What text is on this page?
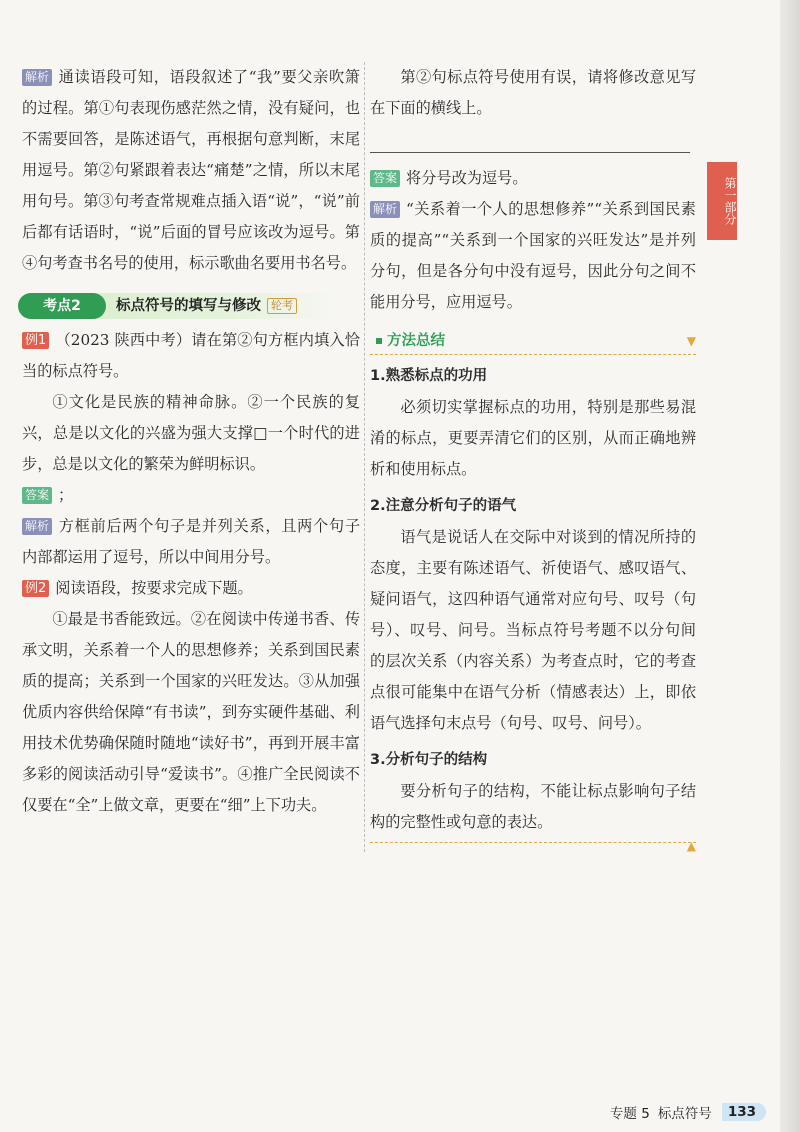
解析 通读语段可知，语段叙述了“我”要父亲吹箫的过程。第①句表现伤感茫然之情，没有疑问，也不需要回答，是陈述语气，再根据句意判断，末尾用逗号。第②句紧跟着表达“痛楚”之情，所以末尾用句号。第③句考查常规难点插入语“说”，“说”前后都有话语时，“说”后面的冒号应该改为逗号。第④句考查书名号的使用，标示歌曲名要用书名号。

考点2	标点符号的填写与修改 轮考

例1 （2023 陕西中考）请在第②句方框内填入恰当的标点符号。

①文化是民族的精神命脉。②一个民族的复兴，总是以文化的兴盛为强大支撑□一个时代的进步，总是以文化的繁荣为鲜明标识。

答案 ；

解析 方框前后两个句子是并列关系，且两个句子内部都运用了逗号，所以中间用分号。

例2 阅读语段，按要求完成下题。

①最是书香能致远。②在阅读中传递书香、传承文明，关系着一个人的思想修养；关系到国民素质的提高；关系到一个国家的兴旺发达。③从加强优质内容供给保障“有书读”，到夯实硬件基础、利用技术优势确保随时随地“读好书”，再到开展丰富多彩的阅读活动引导“爱读书”。④推广全民阅读不仅要在“全”上做文章，更要在“细”上下功夫。

第②句标点符号使用有误，请将修改意见写在下面的横线上。

答案 将分号改为逗号。

解析 “关系着一个人的思想修养”“关系到国民素质的提高”“关系到一个国家的兴旺发达”是并列分句，但是各分句中没有逗号，因此分句之间不能用分号，应用逗号。

方法总结	▼
1.熟悉标点的功用

必须切实掌握标点的功用，特别是那些易混淆的标点，更要弄清它们的区别，从而正确地辨析和使用标点。

2.注意分析句子的语气

语气是说话人在交际中对谈到的情况所持的态度，主要有陈述语气、祈使语气、感叹语气、疑问语气，这四种语气通常对应句号、叹号（句号）、叹号、问号。当标点符号考题不以分句间的层次关系（内容关系）为考查点时，它的考查点很可能集中在语气分析（情感表达）上，即依语气选择句末点号（句号、叹号、问号）。

3.分析句子的结构

要分析句子的结构，不能让标点影响句子结构的完整性或句意的表达。

▲
第一部分
专题 5 标点符号	133
